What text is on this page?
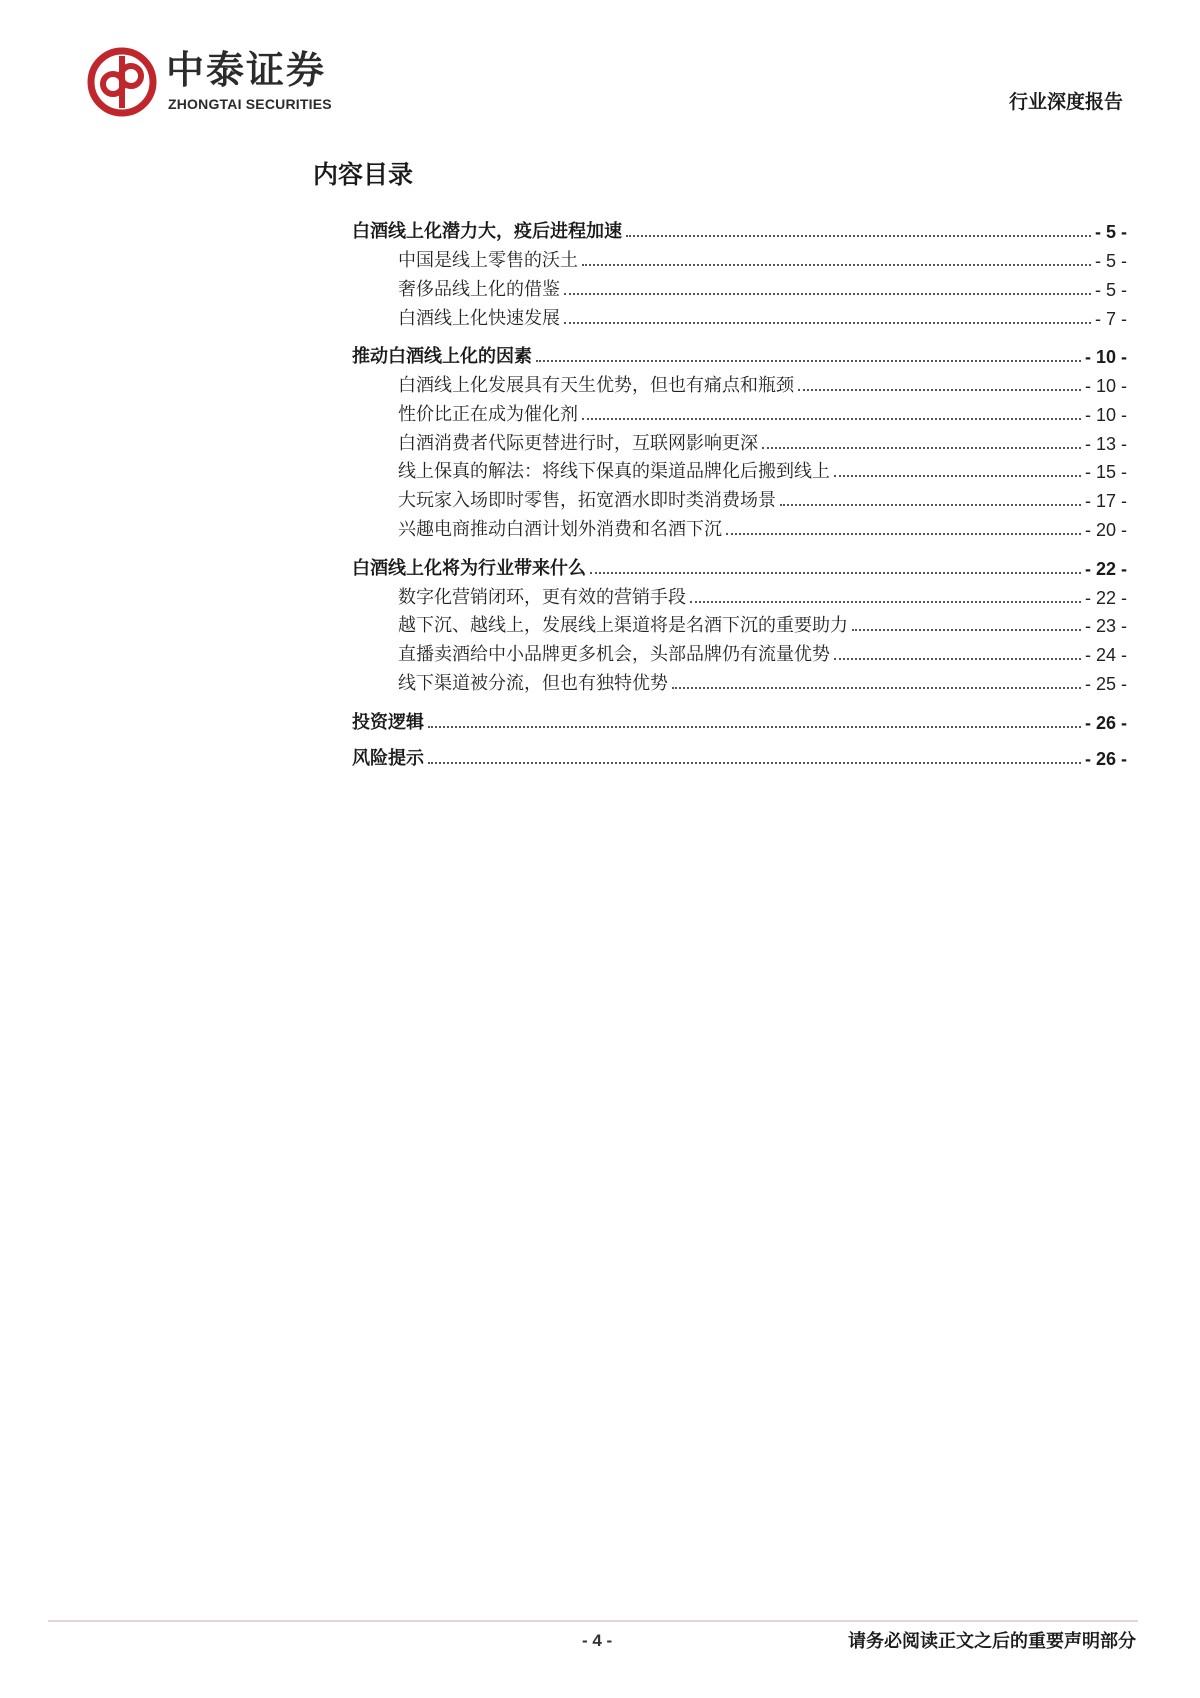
中泰证券
ZHONGTAI SECURITIES	行业深度报告
内容目录
白酒线上化潜力大，疫后进程加速	- 5 -
中国是线上零售的沃土	- 5 -
奢侈品线上化的借鉴	- 5 -
白酒线上化快速发展	- 7 -
推动白酒线上化的因素	- 10 -
白酒线上化发展具有天生优势，但也有痛点和瓶颈	- 10 -
性价比正在成为催化剂	- 10 -
白酒消费者代际更替进行时，互联网影响更深	- 13 -
线上保真的解法：将线下保真的渠道品牌化后搬到线上	- 15 -
大玩家入场即时零售，拓宽酒水即时类消费场景	- 17 -
兴趣电商推动白酒计划外消费和名酒下沉	- 20 -
白酒线上化将为行业带来什么	- 22 -
数字化营销闭环，更有效的营销手段	- 22 -
越下沉、越线上，发展线上渠道将是名酒下沉的重要助力	- 23 -
直播卖酒给中小品牌更多机会，头部品牌仍有流量优势	- 24 -
线下渠道被分流，但也有独特优势	- 25 -
投资逻辑	- 26 -
风险提示	- 26 -
- 4 -	请务必阅读正文之后的重要声明部分
